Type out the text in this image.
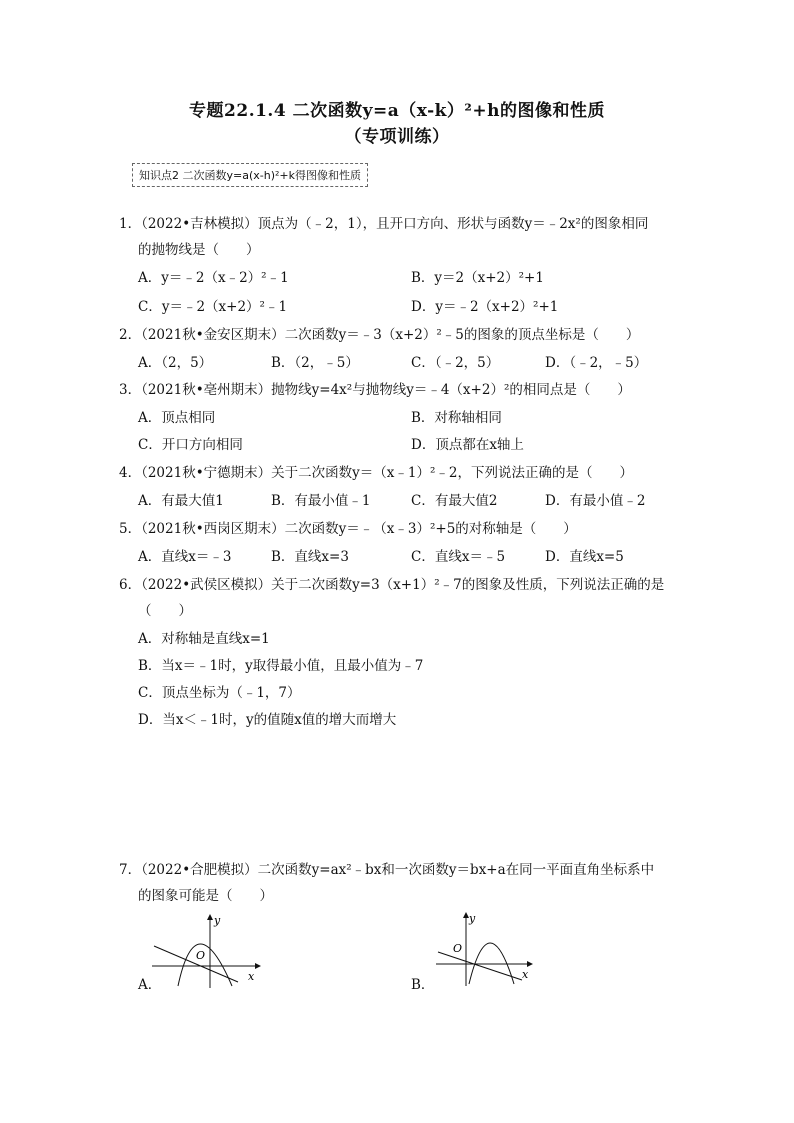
专题22.1.4 二次函数y=a（x-k）²+h的图像和性质
（专项训练）
知识点2 二次函数y=a(x-h)²+k得图像和性质
1．（2022•吉林模拟）顶点为（﹣2，1），且开口方向、形状与函数y＝﹣2x²的图象相同
的抛物线是（　　）
A．y＝﹣2（x﹣2）²﹣1	B．y＝2（x+2）²+1
C．y＝﹣2（x+2）²﹣1	D．y＝﹣2（x+2）²+1
2．（2021秋•金安区期末）二次函数y＝﹣3（x+2）²﹣5的图象的顶点坐标是（　　）
A．（2，5）	B．（2，﹣5）	C．（﹣2，5）	D．（﹣2，﹣5）
3．（2021秋•亳州期末）抛物线y=4x²与抛物线y＝﹣4（x+2）²的相同点是（　　）
A．顶点相同	B．对称轴相同
C．开口方向相同	D．顶点都在x轴上
4．（2021秋•宁德期末）关于二次函数y＝（x﹣1）²﹣2，下列说法正确的是（　　）
A．有最大值1	B．有最小值﹣1	C．有最大值2	D．有最小值﹣2
5．（2021秋•西岗区期末）二次函数y＝﹣（x﹣3）²+5的对称轴是（　　）
A．直线x＝﹣3	B．直线x=3	C．直线x＝﹣5	D．直线x=5
6．（2022•武侯区模拟）关于二次函数y=3（x+1）²﹣7的图象及性质，下列说法正确的是
（　　）
A．对称轴是直线x=1
B．当x＝﹣1时，y取得最小值，且最小值为﹣7
C．顶点坐标为（﹣1，7）
D．当x＜﹣1时，y的值随x值的增大而增大
7．（2022•合肥模拟）二次函数y=ax²﹣bx和一次函数y＝bx+a在同一平面直角坐标系中
的图象可能是（　　）
y
O
x
A．
y
O
x
B．
